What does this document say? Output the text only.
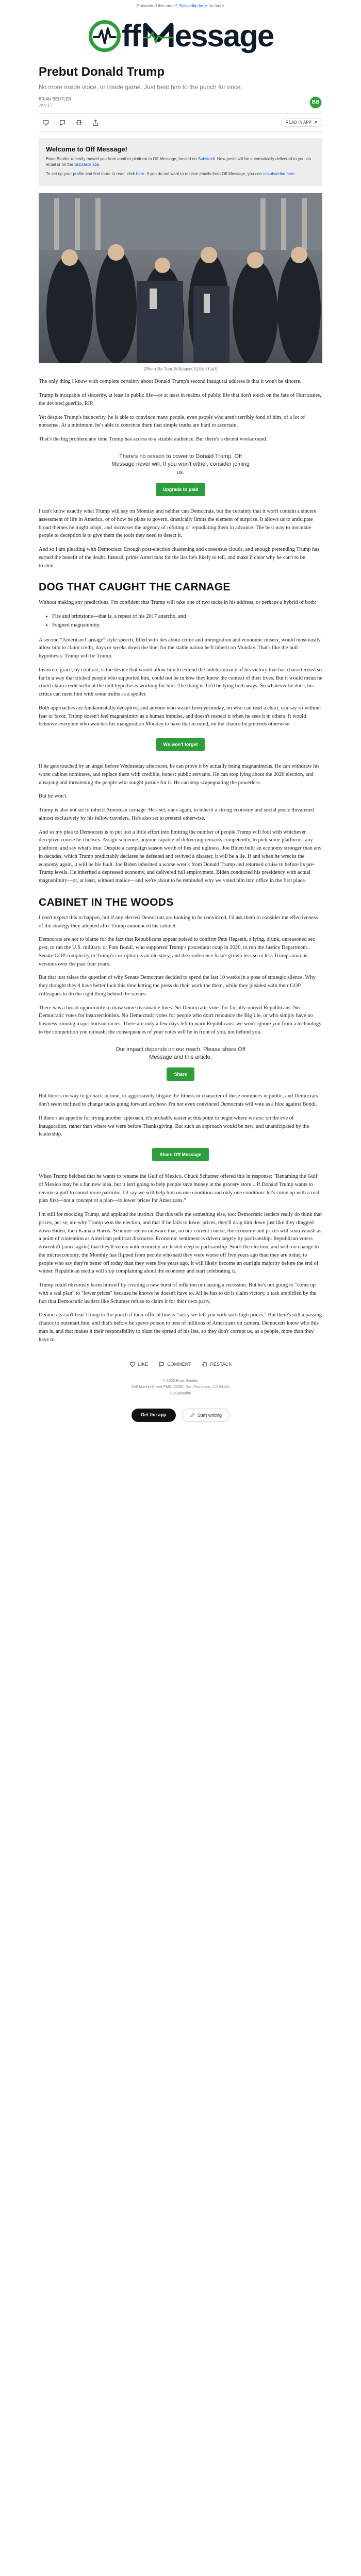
Forwarded this email? Subscribe here for more
ff essage
Prebut Donald Trump
No more inside voice, or inside game. Just beat him to the punch for once.
BRIAN BEUTLER
JAN 17	BB
READ IN APP
Welcome to Off Message!

Brian Beutler recently moved you from another platform to Off Message, hosted on Substack. New posts will be automatically delivered to you via email or on the Substack app.

To set up your profile and find more to read, click here. If you do not want to receive emails from Off Message, you can unsubscribe here.

(Photo By Tom Williams/CQ Roll Call)

The only thing I know with complete certainty about Donald Trump's second inaugural address is that it won't be sincere.

Trump is incapable of sincerity, at least in public life—or at least in realms of public life that don't touch on the fate of Hurricanes, the devoted guerilla, RIP.

Yet despite Trump's insincerity, he is able to convince many people, even people who aren't terribly fond of him, of a lot of nonsense. At a minimum, he's able to convince them that simple truths are hard to ascertain.

That's the big problem any time Trump has access to a sizable audience. But there's a decent workaround.

There's no reason to cower to Donald Trump. Off Message never will. If you won't either, consider joining us.
Upgrade to paid

I can't know exactly what Trump will say on Monday and neither can Democrats, but the certainty that it won't contain a sincere assessment of life in America, or of how he plans to govern, drastically limits the element of surprise. It allows us to anticipate broad themes he might adopt, and increases the urgency of refuting or repudiating them in advance. The best way to inoculate people to deception is to give them the tools they need to detect it.

And so I am pleading with Democrats: Enough post-election chastening and consensus clouds, and enough pretending Trump has earned the benefit of the doubt. Instead, prime Americans for the lies he's likely to tell, and make it clear why he can't to be trusted.

DOG THAT CAUGHT THE CARNAGE

Without making any predictions, I'm confident that Trump will take one of two tacks in his address, or perhaps a hybrid of both:

• Fire and brimstone—that is, a repeat of his 2017 anarcho, and
• Feigned magnanimity.

A second "American Carnage" style speech, filled with lies about crime and immigration and economic misery, would most easily allow him to claim credit, days or weeks down the line, for the stable nation he'll inherit on Monday. That's like the null hypothesis. Trump will be Trump.

Insincere grace, by contrast, is the device that would allow him to extend the indeterminacy of his victory that has characterized so far in a way that tricked people who supported him, could not be in how they know the context of their lives. But it would mean he could claim credit without the null hypothesis working for him. The thing is, he'd be lying both ways. So whatever he does, his critics can meet him with some truths as a spoiler.

Both approaches are fundamentally deceptive, and anyone who wasn't born yesterday, on who can read a chart, can say so without fear or favor. Trump doesn't feel magnanimity as a human impulse, and doesn't respect it when he sees it in others. It would behoove everyone who watches his inauguration Monday to have that in mind, on the chance he pretends otherwise.

We won't forget

If he gets touched by an angel before Wednesday afternoon, he can prove it by actually being magnanimous. He can withdraw his worst cabinet nominees, and replace them with credible, honest public servants. He can stop lying about the 2020 election, and unsaying and threatening the people who sought justice for it. He can stop scapegoating the powerless.

But he won't.

Trump is also not set to inherit American carnage. He's set, once again, to inherit a strong economy and social peace threatened almost exclusively by his fellow travelers. He's also set to pretend otherwise.

And so my plea to Democrats is to put just a little effort into limiting the number of people Trump will fool with whichever deceptive course he chooses. Assign someone, anyone capable of delivering remarks competently, to pick some platforms, any platform, and say what's true: Despite a campaign season worth of lies and ugliness, Joe Biden built an economy stronger than any in decades, which Trump predictably declares he defeated and revived a disaster, it will be a lie. If and when he wrecks the economy again, it will be his fault. Joe Biden inherited a worse wreck from Donald Trump and returned cruise to before its pre-Trump levels. He inherited a depressed economy, and delivered full employment. Biden conducted his presidency with actual magnanimity—or, at least, without malice—and we're about to be reminded why we voted him into office in the first place.

CABINET IN THE WOODS

I don't expect this to happen, but if any elected Democrats are looking to be convinced, I'd ask them to consider the effectiveness of the strategy they adopted after Trump announced his cabinet.

Democrats are not to blame for the fact that Republicans appear poised to confirm Pete Hegseth, a lying, drunk, unreasoned sex pest, to run the U.S. military, or Pam Bondi, who supported Trump's procedural coup in 2020, to run the Justice Department. Senate GOP complicity in Trump's corruption is an old story, and the conference hasn't grown less so in less Trump-anxious versions over the past four years.

But that just raises the question of why Senate Democrats decided to spend the last 10 weeks in a pose of strategic silence. Why they thought they'd have better luck this time letting the press do their work the them, while they pleaded with their GOP colleagues to do the right thing behind the scenes.

There was a broad opportunity to draw some reasonable lines. No Democratic votes for facially-unread Republicans. No Democratic votes for insurrectionists. No Democratic votes for people who don't renounce the Big Lie, or who simply have no business running major bureaucracies. There are only a few days left to warn Republicans: we won't ignore you from a technology to the competition you unleash; the consequences of your votes will be in front of you, not behind you.

Our impact depends on our reach. Please share Off Message and this article.
Share

But there's no way to go back in time, to aggressively litigate the fitness or character of these nominees in public, and Democrats don't seem inclined to change tacks going forward anyhow. I'm not even convinced Democrats will vote as a bloc against Bondi.

If there's an appetite for trying another approach, it's probably easier at this point to begin where we are: on the eve of inauguration, rather than where we were before Thanksgiving. But such an approach would be new, and unanticipated by the leadership.

Share Off Message

When Trump belched that he wants to rename the Gulf of Mexico, Chuck Schumer offered this in response: "Renaming the Gulf of Mexico may be a fun new idea, but it isn't going to help people save money at the grocery store... If Donald Trump wants to rename a gulf to sound more patriotic, I'd say we will help him on one condition and only one condition: let's come up with a real plan first—not a concept of a plan—to lower prices for Americans."

I'm still for mocking Trump, and applaud the instinct. But this tells me something else, too: Democratic leaders really do think that prices, per se, are why Trump won the election, and that if he fails to lower prices, they'll drag him down just like they dragged down Biden, then Kamala Harris. Schumer seems unaware that, on our current course, the economy and prices will soon vanish as a point of contention as American political discourse. Economic sentiment is driven largely by partisanship. Republican voters downshift (since again) that they'll voters with economy are tested deep in partisanship. Since the election, and with no change to the microeconomy, the Monthly has flipped from people who said they were worse off five years ago than they are today, to people who say they're better off today than they were five years ago. It will likely become an outright majority before the end of winter. Republican media will stop complaining about the economy and start celebrating it.

Trump could obviously harm himself by creating a new burst of inflation or causing a recession. But he's not going to "come up with a real plan" to "lower prices" because he knows he doesn't have to. All he has to do is claim victory, a task amplified by the fact that Democratic leaders like Schumer refuse to claim it for their own party.

Democrats can't beat Trump to the punch if their official line is "sorry we left you with such high prices." But there's still a passing chance to outsmart him, and that's before he spews poison to tens of millions of Americans on camera. Democrats know who this man is, and that makes it their responsibility to blunt the spread of his lies, so they don't corrupt us, as a people, more than they have to.

LIKE	COMMENT	RESTACK
© 2025 Brian Beutler
548 Market Street PMB 72296, San Francisco, CA 94104
Unsubscribe
Get the app	Start writing
